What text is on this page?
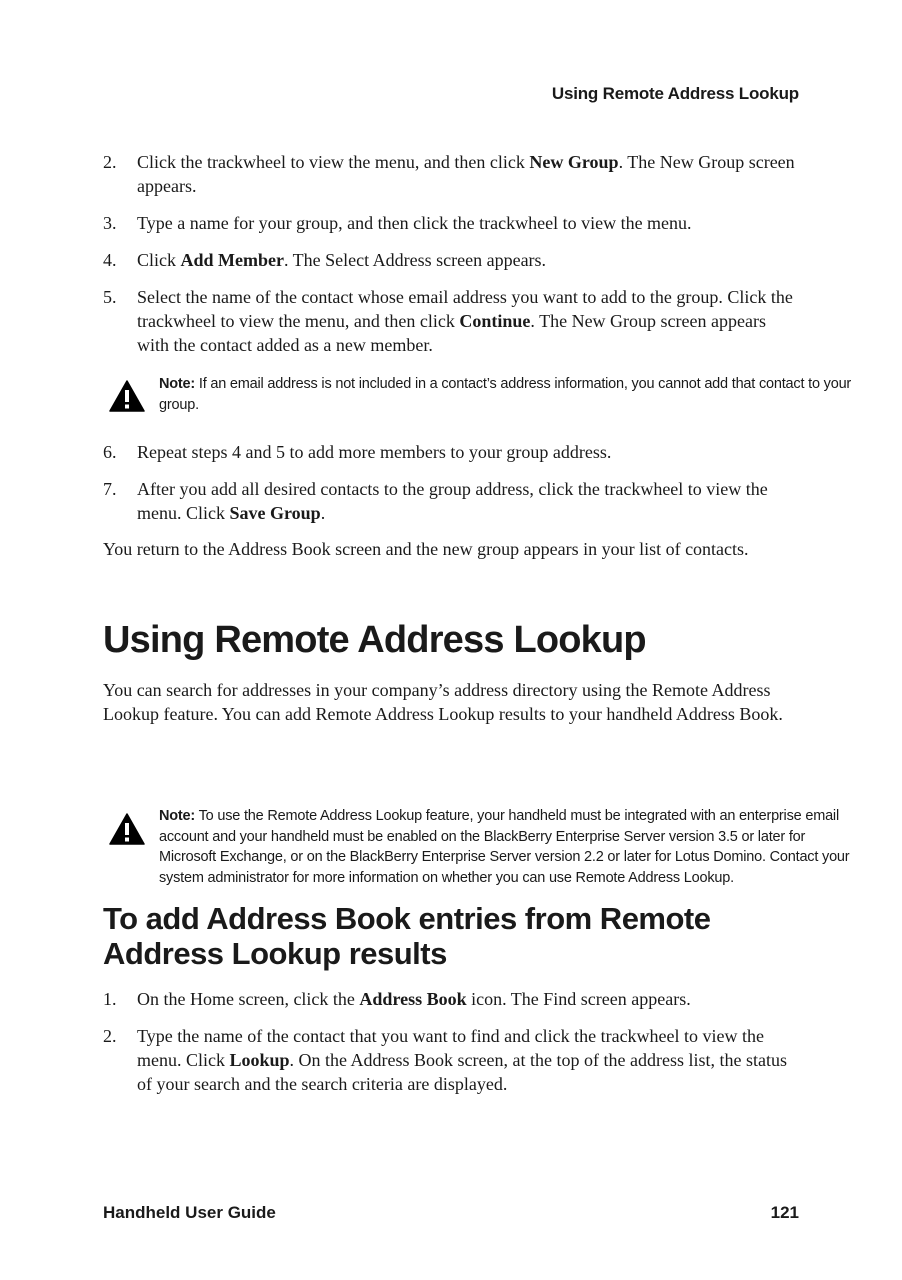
Using Remote Address Lookup
2. Click the trackwheel to view the menu, and then click New Group. The New Group screen appears.
3. Type a name for your group, and then click the trackwheel to view the menu.
4. Click Add Member. The Select Address screen appears.
5. Select the name of the contact whose email address you want to add to the group. Click the trackwheel to view the menu, and then click Continue. The New Group screen appears with the contact added as a new member.
Note: If an email address is not included in a contact’s address information, you cannot add that contact to your group.
6. Repeat steps 4 and 5 to add more members to your group address.
7. After you add all desired contacts to the group address, click the trackwheel to view the menu. Click Save Group.

You return to the Address Book screen and the new group appears in your list of contacts.

Using Remote Address Lookup

You can search for addresses in your company’s address directory using the Remote Address Lookup feature. You can add Remote Address Lookup results to your handheld Address Book.

Note: To use the Remote Address Lookup feature, your handheld must be integrated with an enterprise email account and your handheld must be enabled on the BlackBerry Enterprise Server version 3.5 or later for Microsoft Exchange, or on the BlackBerry Enterprise Server version 2.2 or later for Lotus Domino. Contact your system administrator for more information on whether you can use Remote Address Lookup.
To add Address Book entries from Remote Address Lookup results
1. On the Home screen, click the Address Book icon. The Find screen appears.
2. Type the name of the contact that you want to find and click the trackwheel to view the menu. Click Lookup. On the Address Book screen, at the top of the address list, the status of your search and the search criteria are displayed.
Handheld User Guide	121
